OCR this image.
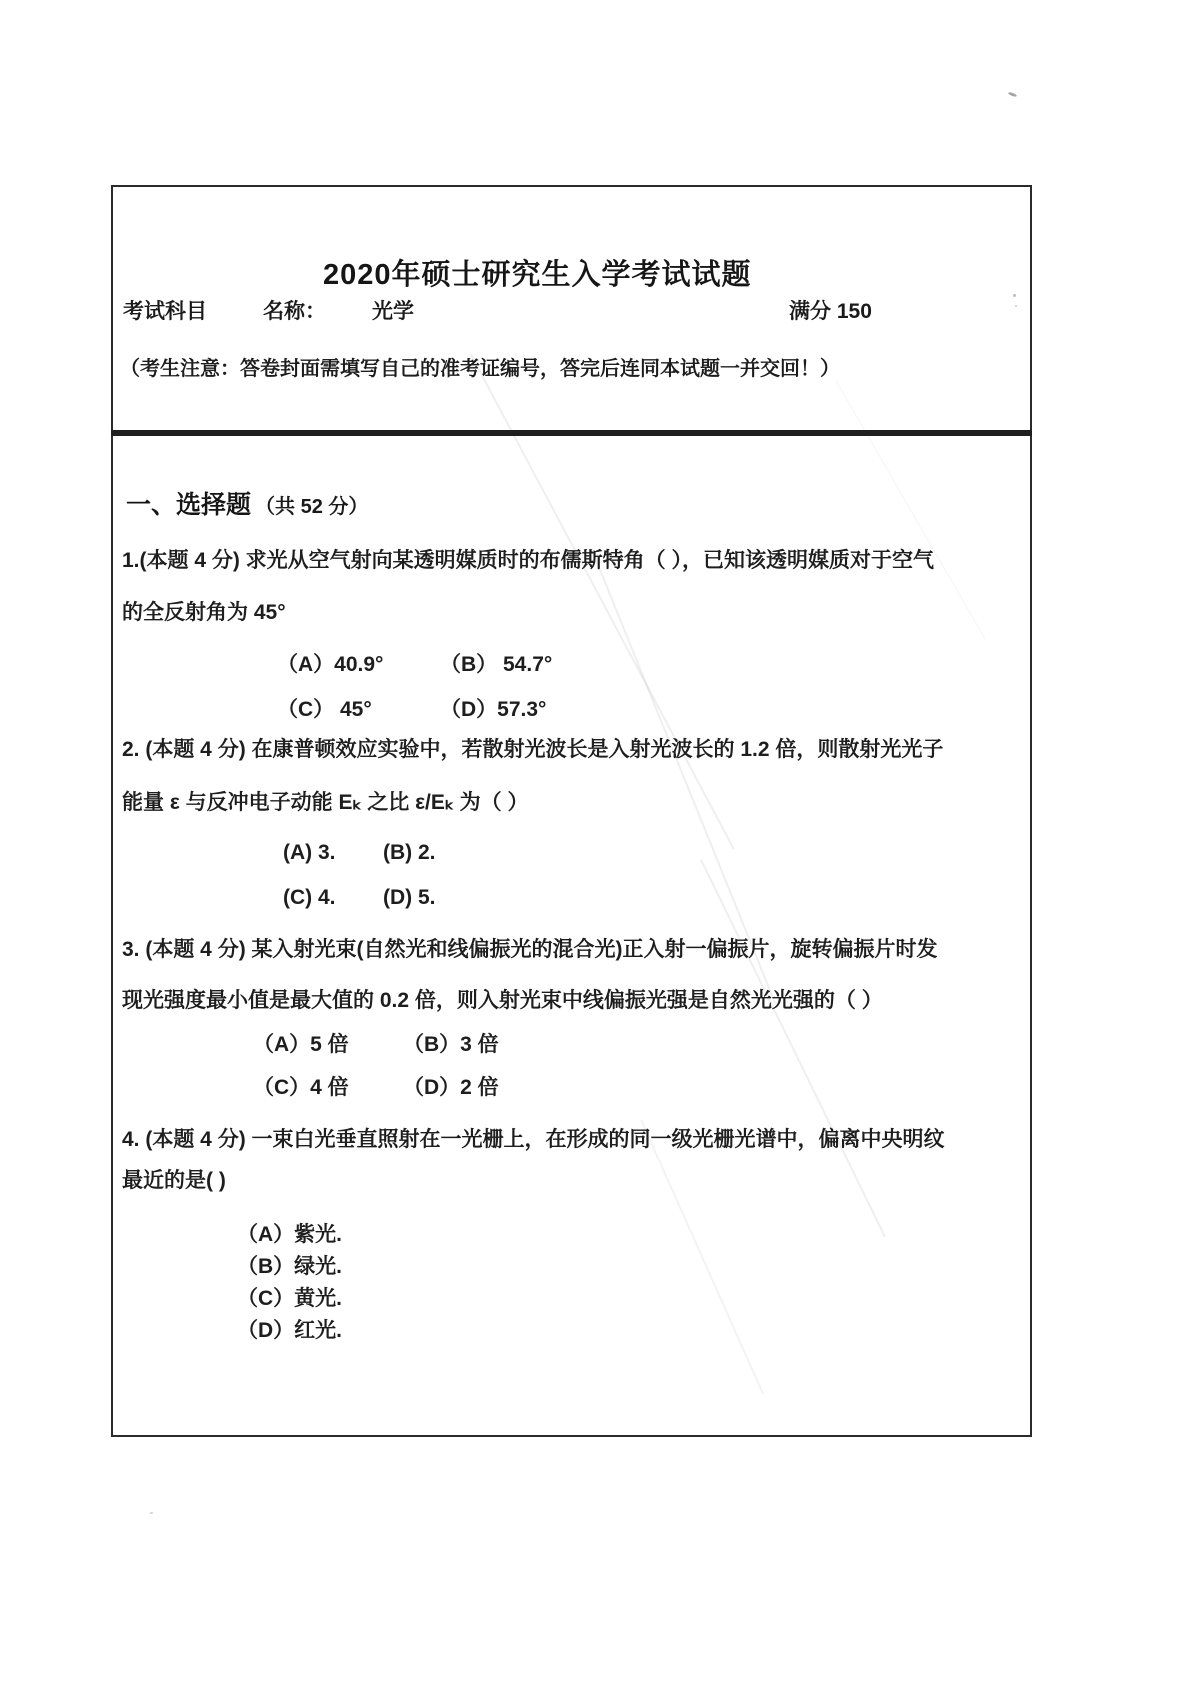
2020年硕士研究生入学考试试题
考试科目	名称： 光学	满分 150
（考生注意：答卷封面需填写自己的准考证编号，答完后连同本试题一并交回！）
一、选择题 （共 52 分）
1.(本题 4 分) 求光从空气射向某透明媒质时的布儒斯特角（ ），已知该透明媒质对于空气
的全反射角为 45°
（A）40.9°	（B） 54.7°
（C） 45°	（D）57.3°
2. (本题 4 分) 在康普顿效应实验中，若散射光波长是入射光波长的 1.2 倍，则散射光光子
能量 ε 与反冲电子动能 Eₖ 之比 ε/Eₖ 为（ ）
(A) 3. (B) 2.
(C) 4. (D) 5.
3. (本题 4 分) 某入射光束(自然光和线偏振光的混合光)正入射一偏振片，旋转偏振片时发
现光强度最小值是最大值的 0.2 倍，则入射光束中线偏振光强是自然光光强的（ ）
（A）5 倍	（B）3 倍
（C）4 倍	（D）2 倍
4. (本题 4 分) 一束白光垂直照射在一光栅上，在形成的同一级光栅光谱中，偏离中央明纹
最近的是( )
（A）紫光.
（B）绿光.
（C）黄光.
（D）红光.
